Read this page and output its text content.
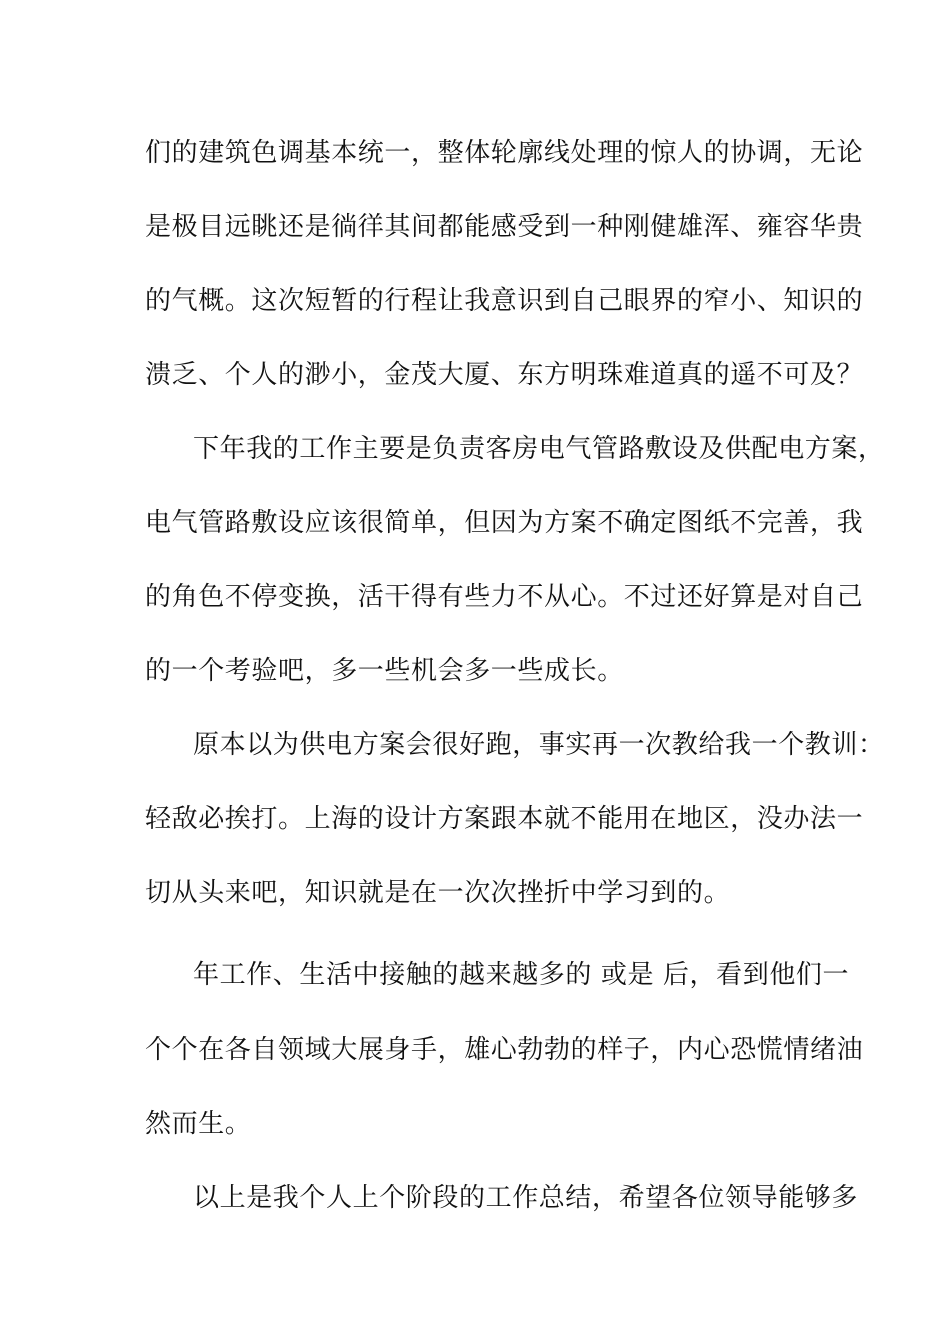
们的建筑色调基本统一，整体轮廓线处理的惊人的协调，无论
是极目远眺还是徜徉其间都能感受到一种刚健雄浑、雍容华贵
的气概。这次短暂的行程让我意识到自己眼界的窄小、知识的
溃乏、个人的渺小，金茂大厦、东方明珠难道真的遥不可及？
下年我的工作主要是负责客房电气管路敷设及供配电方案，
电气管路敷设应该很简单，但因为方案不确定图纸不完善，我
的角色不停变换，活干得有些力不从心。不过还好算是对自己
的一个考验吧，多一些机会多一些成长。
原本以为供电方案会很好跑，事实再一次教给我一个教训：
轻敌必挨打。上海的设计方案跟本就不能用在地区，没办法一
切从头来吧，知识就是在一次次挫折中学习到的。
年工作、生活中接触的越来越多的 或是 后，看到他们一
个个在各自领域大展身手，雄心勃勃的样子，内心恐慌情绪油
然而生。
以上是我个人上个阶段的工作总结，希望各位领导能够多
